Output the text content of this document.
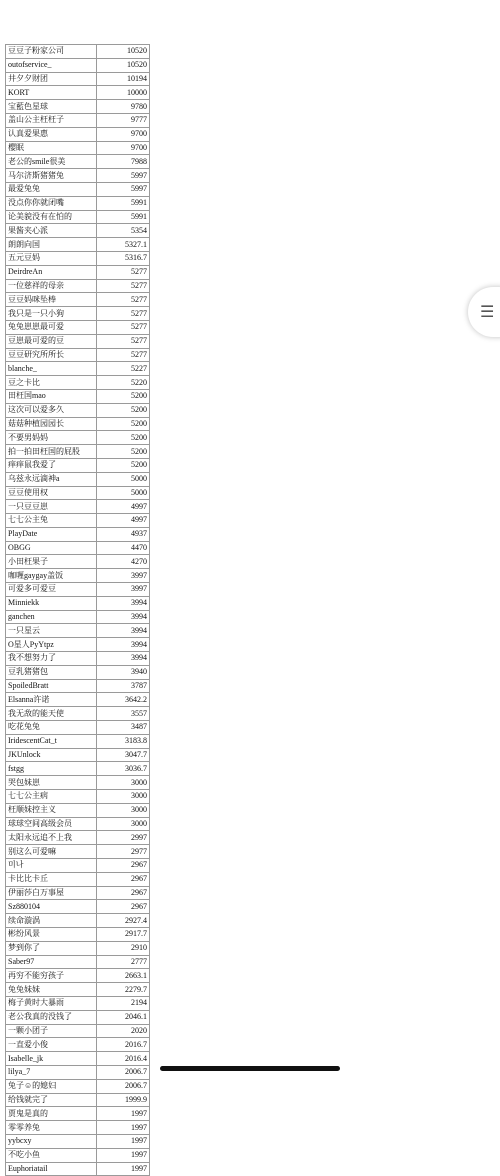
豆豆子粉家公司	10520
outofservice_	10520
井夕夕财团	10194
KORT	10000
宝藍色星球	9780
盖山公主枉枉子	9777
认真爱果惠	9700
樱眠	9700
老公的smile很美	7988
马尔济斯猪猪兔	5997
最爱兔兔	5997
没点你你就闭嘴	5991
论美貌没有在怕的	5991
果酱夹心派	5354
朗朗向国	5327.1
五元豆妈	5316.7
DeirdreAn	5277
一位慈祥的母亲	5277
豆豆妈咪坠棒	5277
我只是一只小狗	5277
兔兔崽崽最可爱	5277
豆崽最可爱的豆	5277
豆豆研究所所长	5277
blanche_	5227
豆之卡比	5220
田枉国mao	5200
这次可以爱多久	5200
菇菇种植园园长	5200
不要男妈妈	5200
拍一拍田枉国的屁股	5200
痒痒鼠我爱了	5200
乌兹永远滴神a	5000
豆豆使用权	5000
一只豆豆崽	4997
七七公主兔	4997
PlayDate	4937
OBGG	4470
小田枉果子	4270
咖喱gaygay盖饭	3997
可爱多可爱豆	3997
Minniekk	3994
ganchen	3994
一只星云	3994
O星人PyYtpz	3994
我不想努力了	3994
豆乳猪猪包	3940
SpoiledBratt	3787
Elsanna许诺	3642.2
我无敌的能天使	3557
吃花兔兔	3487
IridescentCat_t	3183.8
JKUnlock	3047.7
fstgg	3036.7
哭包妹崽	3000
七七公主病	3000
枉顺妹控主义	3000
球球空间高级会员	3000
太阳永远追不上我	2997
别这么可爱嘛	2977
미나	2967
卡比比卡丘	2967
伊丽莎白万事屋	2967
Sz880104	2967
续命漩涡	2927.4
彬纷风景	2917.7
梦到你了	2910
Saber97	2777
再穷不能穷孩子	2663.1
兔兔妹妹	2279.7
梅子黄时大暴雨	2194
老公我真的没钱了	2046.1
一颗小团子	2020
一直爱小俊	2016.7
Isabelle_jk	2016.4
lilya_7	2006.7
兔子☺的媳妇	2006.7
给钱就完了	1999.9
贾鬼是真的	1997
零零养兔	1997
yybcxy	1997
不吃小鱼	1997
Euphoriatail	1997
☰
